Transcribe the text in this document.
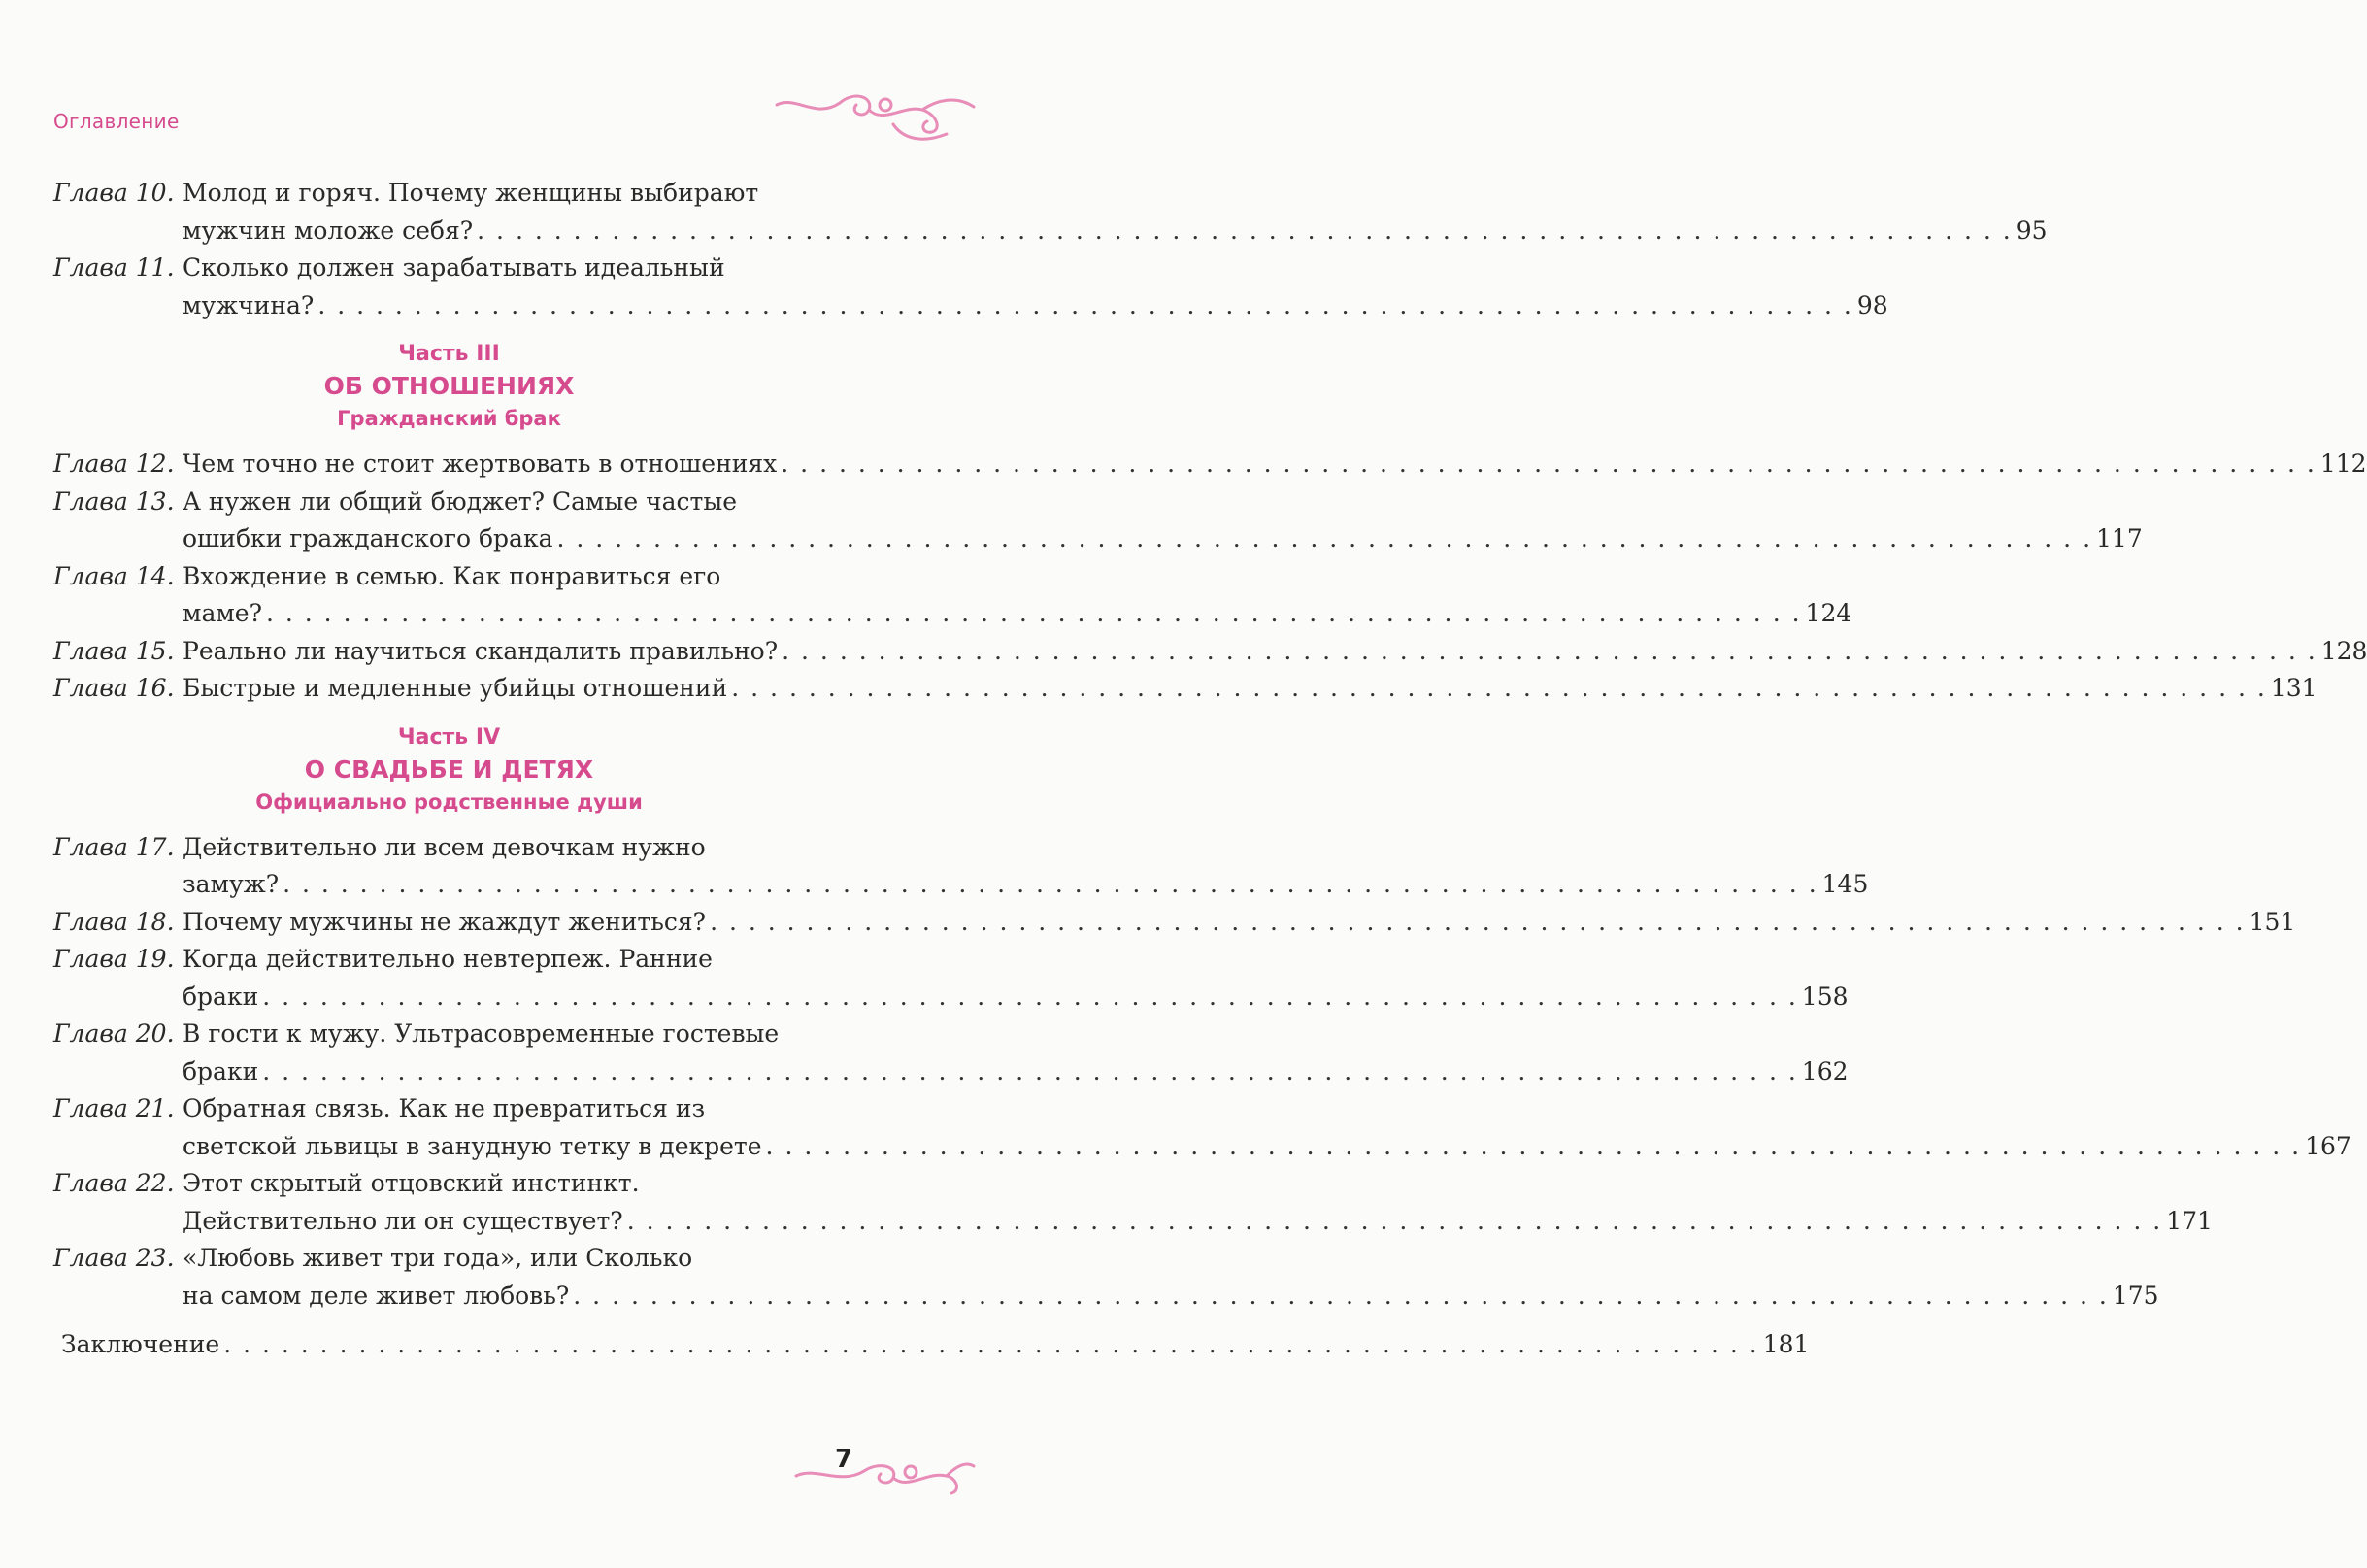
Оглавление
Глава 10. Молод и горяч. Почему женщины выбирают
мужчин моложе себя? . . .	95
Глава 11. Сколько должен зарабатывать идеальный
мужчина? . . .	98
Часть III
ОБ ОТНОШЕНИЯХ
Гражданский брак
Глава 12. Чем точно не стоит жертвовать в отношениях . . .	112
Глава 13. А нужен ли общий бюджет? Самые частые
ошибки гражданского брака . . .	117
Глава 14. Вхождение в семью. Как понравиться его
маме? . . .	124
Глава 15. Реально ли научиться скандалить правильно? . . .	128
Глава 16. Быстрые и медленные убийцы отношений . . .	131
Часть IV
О СВАДЬБЕ И ДЕТЯХ
Официально родственные души
Глава 17. Действительно ли всем девочкам нужно
замуж? . . .	145
Глава 18. Почему мужчины не жаждут жениться? . . .	151
Глава 19. Когда действительно невтерпеж. Ранние
браки . . .	158
Глава 20. В гости к мужу. Ультрасовременные гостевые
браки . . .	162
Глава 21. Обратная связь. Как не превратиться из
светской львицы в занудную тетку в декрете . . .	167
Глава 22. Этот скрытый отцовский инстинкт.
Действительно ли он существует? . . .	171
Глава 23. «Любовь живет три года», или Сколько
на самом деле живет любовь? . . .	175
Заключение . . .	181
7
